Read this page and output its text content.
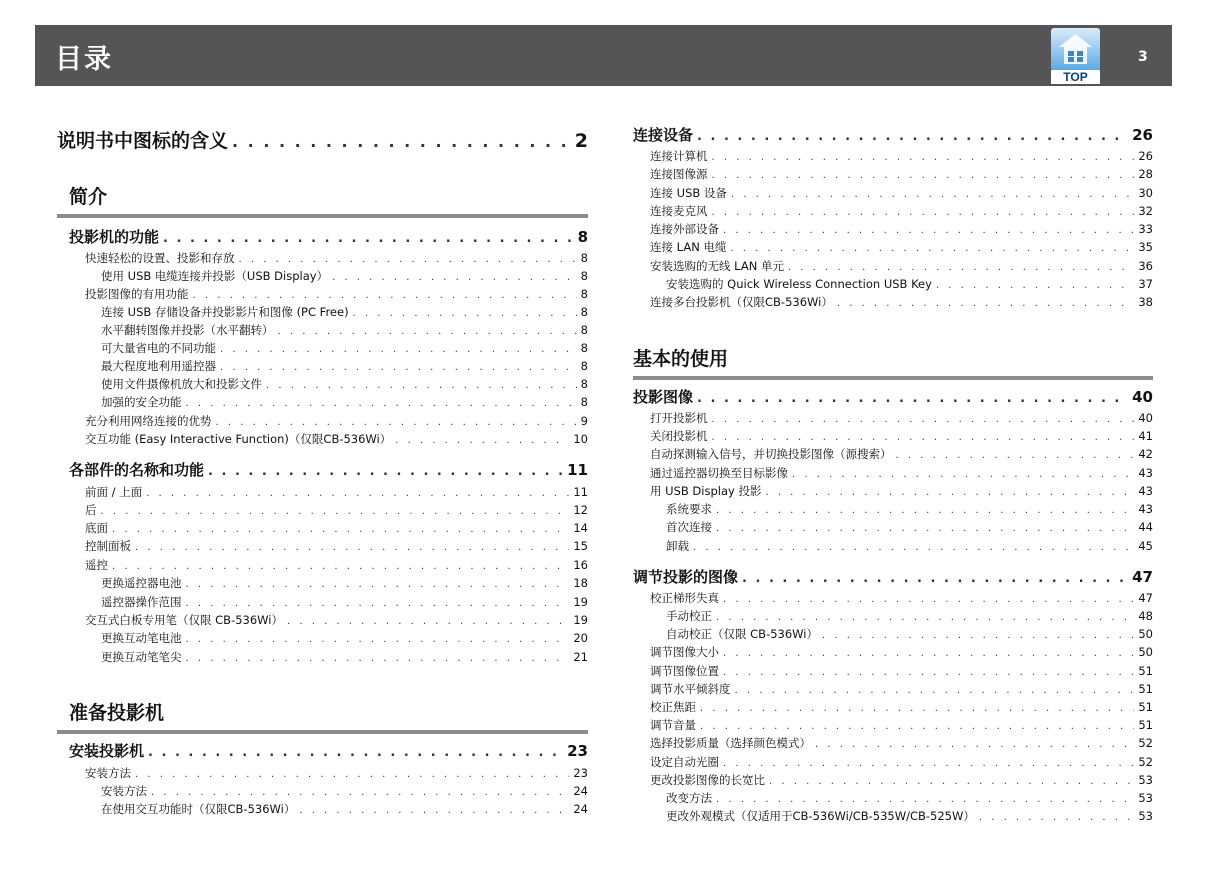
目录
TOP
3
说明书中图标的含义 . . .	2
简介
投影机的功能 . . .	8
快速轻松的设置、投影和存放 . . .	8
使用 USB 电缆连接并投影（USB Display） . . .	8
投影图像的有用功能 . . .	8
连接 USB 存储设备并投影影片和图像 (PC Free) . . .	8
水平翻转图像并投影（水平翻转） . . .	8
可大量省电的不同功能 . . .	8
最大程度地利用遥控器 . . .	8
使用文件摄像机放大和投影文件 . . .	8
加强的安全功能 . . .	8
充分利用网络连接的优势 . . .	9
交互功能 (Easy Interactive Function)（仅限CB-536Wi） . . .	10
各部件的名称和功能 . . .	11
前面 / 上面 . . .	11
后 . . .	12
底面 . . .	14
控制面板 . . .	15
遥控 . . .	16
更换遥控器电池 . . .	18
遥控器操作范围 . . .	19
交互式白板专用笔（仅限 CB-536Wi） . . .	19
更换互动笔电池 . . .	20
更换互动笔笔尖 . . .	21
准备投影机
安装投影机 . . .	23
安装方法 . . .	23
安装方法 . . .	24
在使用交互功能时（仅限CB-536Wi） . . .	24
连接设备 . . .	26
连接计算机 . . .	26
连接图像源 . . .	28
连接 USB 设备 . . .	30
连接麦克风 . . .	32
连接外部设备 . . .	33
连接 LAN 电缆 . . .	35
安装选购的无线 LAN 单元 . . .	36
安装选购的 Quick Wireless Connection USB Key . . .	37
连接多台投影机（仅限CB-536Wi） . . .	38
基本的使用
投影图像 . . .	40
打开投影机 . . .	40
关闭投影机 . . .	41
自动探测输入信号，并切换投影图像（源搜索） . . .	42
通过遥控器切换至目标影像 . . .	43
用 USB Display 投影 . . .	43
系统要求 . . .	43
首次连接 . . .	44
卸载 . . .	45
调节投影的图像 . . .	47
校正梯形失真 . . .	47
手动校正 . . .	48
自动校正（仅限 CB-536Wi） . . .	50
调节图像大小 . . .	50
调节图像位置 . . .	51
调节水平倾斜度 . . .	51
校正焦距 . . .	51
调节音量 . . .	51
选择投影质量（选择颜色模式） . . .	52
设定自动光圈 . . .	52
更改投影图像的长宽比 . . .	53
改变方法 . . .	53
更改外观模式（仅适用于CB-536Wi/CB-535W/CB-525W） . . .	53
